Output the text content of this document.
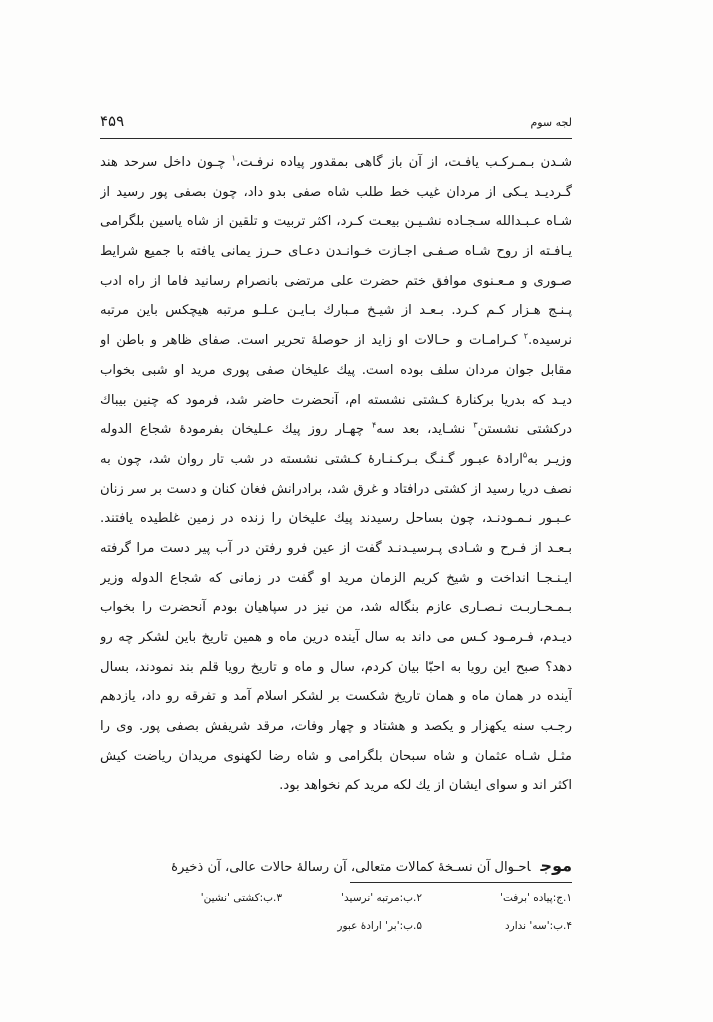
لجه سوم
۴۵۹
شـدن بـمـرکـب یافـت، از آن باز گاهی بمقدور پیاده نرفـت،$^۱$ چـون داخل سرحد هند
گـردیـد یـکی از مردان غیب خط طلب شاه صفی بدو داد، چون بصفی پور رسید از
شـاه عـبـدالله سـجـاده نشـیـن بیعـت کـرد، اکثر تربیت و تلقین از شاه یاسین بلگرامی
یـافـته از روح شـاه صـفـی اجـازت خـوانـدن دعـای حـرز یمانی یافته با جمیع شرایط
صـوری و مـعـنوی موافق ختم حضرت علی مرتضی بانصرام رسانید فاما از راه ادب
پـنـج هـزار کـم کـرد. بـعـد از شیـخ مـبارك بـایـن عـلـو مرتبه هیچکس باین مرتبه
نرسیده.$^۲$ کـرامـات و حـالات او زاید از حوصلهٔ تحریر است. صفای ظاهر و باطن او
مقابل جوان مردان سلف بوده است. پیك علیخان صفی پوری مرید او شبی بخواب
دیـد که بدریا برکنارهٔ کـشتی نشسته ام، آنحضرت حاضر شد، فرمود که چنین بیباك
درکشتی نشستن$^۳$ نشـاید، بعد سه$^۴$ چهـار روز پیك عـلیخان بفرمودهٔ شجاع الدوله
وزیـر به$^۵$ارادهٔ عبـور گـنـگ بـرکـنـارهٔ کـشتی نشسته در شب تار روان شد، چون به
نصف دریا رسید از کشتی درافتاد و غرق شد، برادرانش فغان کنان و دست بر سر زنان
عـبـور نـمـودنـد، چون بساحل رسیدند پیك علیخان را زنده در زمین غلطیده یافتند.
بـعـد از فـرح و شـادی پـرسیـدنـد گفت از عین فرو رفتن در آب پیر دست مرا گرفته
ایـنـجـا انداخت و شیخ کریم الزمان مرید او گفت در زمانی که شجاع الدوله وزیر
بـمـحـاربـت نـصـاری عازم بنگاله شد، من نیز در سپاهیان بودم آنحضرت را بخواب
دیـدم، فـرمـود کـس می داند به سال آینده درین ماه و همین تاریخ باین لشکر چه رو
دهد؟ صبح این رویا به احبّا بیان کردم، سال و ماه و تاریخ رویا قلم بند نمودند، بسال
آینده در همان ماه و همان تاریخ شکست بر لشکر اسلام آمد و تفرقه رو داد، یازدهم
رجـب سنه یکهزار و یکصد و هشتاد و چهار وفات، مرقد شریفش بصفی پور. وی را
مثـل شـاه عثمان و شاه سبحان بلگرامی و شاه رضا لکهنوی مریدان ریاضت کیش
اکثر اند و سوای ایشان از یك لکه مرید کم نخواهد بود.
موجاحـوال آن نسـخهٔ کمالات متعالی، آن رسالهٔ حالات عالی، آن ذخیرهٔ
۱.ج:پیاده 'برفت'
۲.ب:مرتبه 'نرسید'
۳.ب:کشتی 'نشین'
۴.ب:'سه' ندارد
۵.ب:'بر' ارادهٔ عبور
